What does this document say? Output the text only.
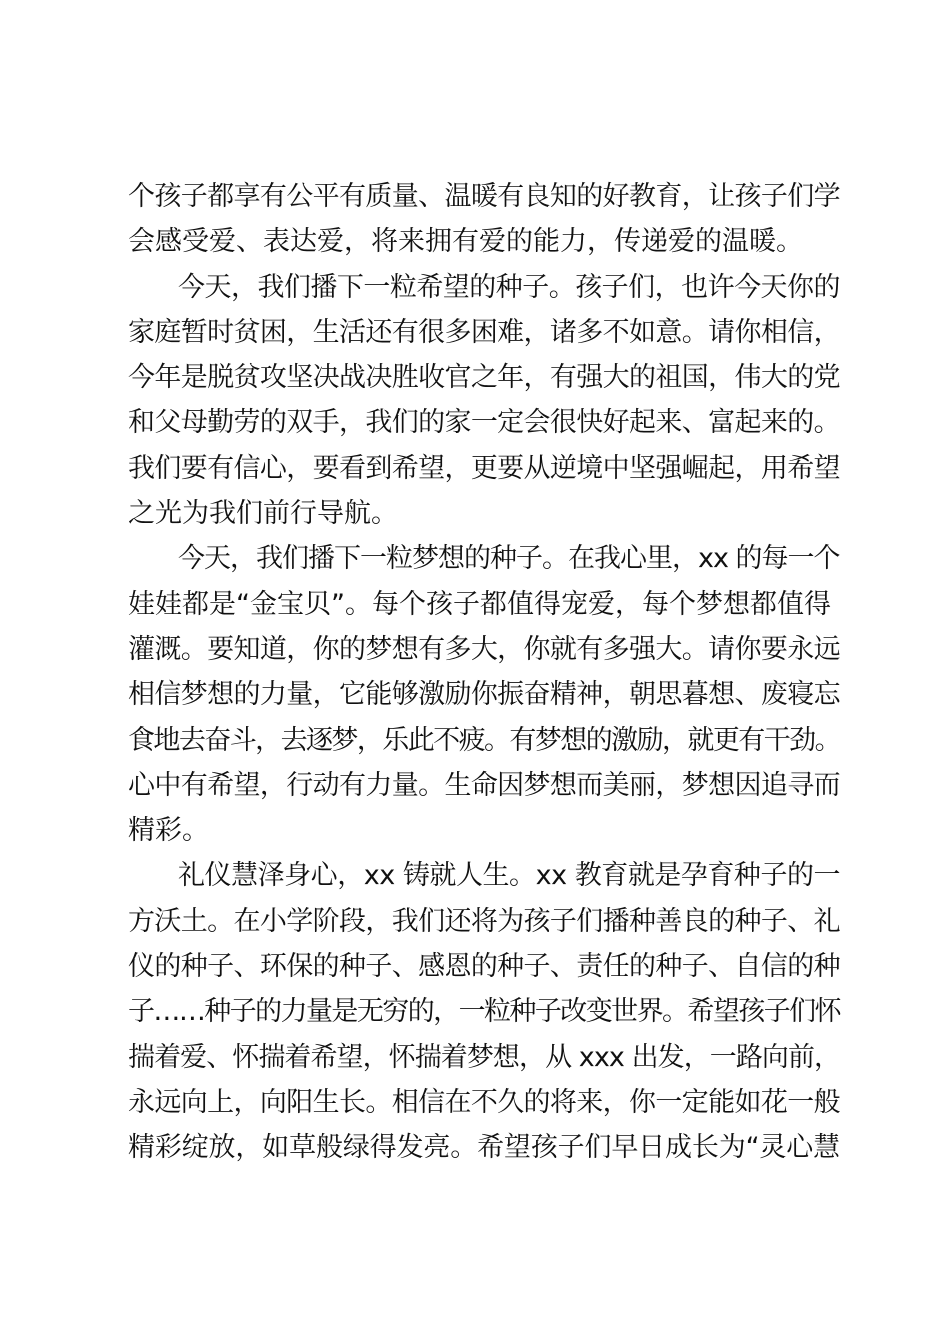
个孩子都享有公平有质量、温暖有良知的好教育，让孩子们学
会感受爱、表达爱，将来拥有爱的能力，传递爱的温暖。
今天，我们播下一粒希望的种子。孩子们，也许今天你的
家庭暂时贫困，生活还有很多困难，诸多不如意。请你相信，
今年是脱贫攻坚决战决胜收官之年，有强大的祖国，伟大的党
和父母勤劳的双手，我们的家一定会很快好起来、富起来的。
我们要有信心，要看到希望，更要从逆境中坚强崛起，用希望
之光为我们前行导航。
今天，我们播下一粒梦想的种子。在我心里，xx 的每一个
娃娃都是“金宝贝”。每个孩子都值得宠爱，每个梦想都值得
灌溉。要知道，你的梦想有多大，你就有多强大。请你要永远
相信梦想的力量，它能够激励你振奋精神，朝思暮想、废寝忘
食地去奋斗，去逐梦，乐此不疲。有梦想的激励，就更有干劲。
心中有希望，行动有力量。生命因梦想而美丽，梦想因追寻而
精彩。
礼仪慧泽身心，xx 铸就人生。xx 教育就是孕育种子的一
方沃土。在小学阶段，我们还将为孩子们播种善良的种子、礼
仪的种子、环保的种子、感恩的种子、责任的种子、自信的种
子……种子的力量是无穷的，一粒种子改变世界。希望孩子们怀
揣着爱、怀揣着希望，怀揣着梦想，从 xxx 出发，一路向前，
永远向上，向阳生长。相信在不久的将来，你一定能如花一般
精彩绽放，如草般绿得发亮。希望孩子们早日成长为“灵心慧
